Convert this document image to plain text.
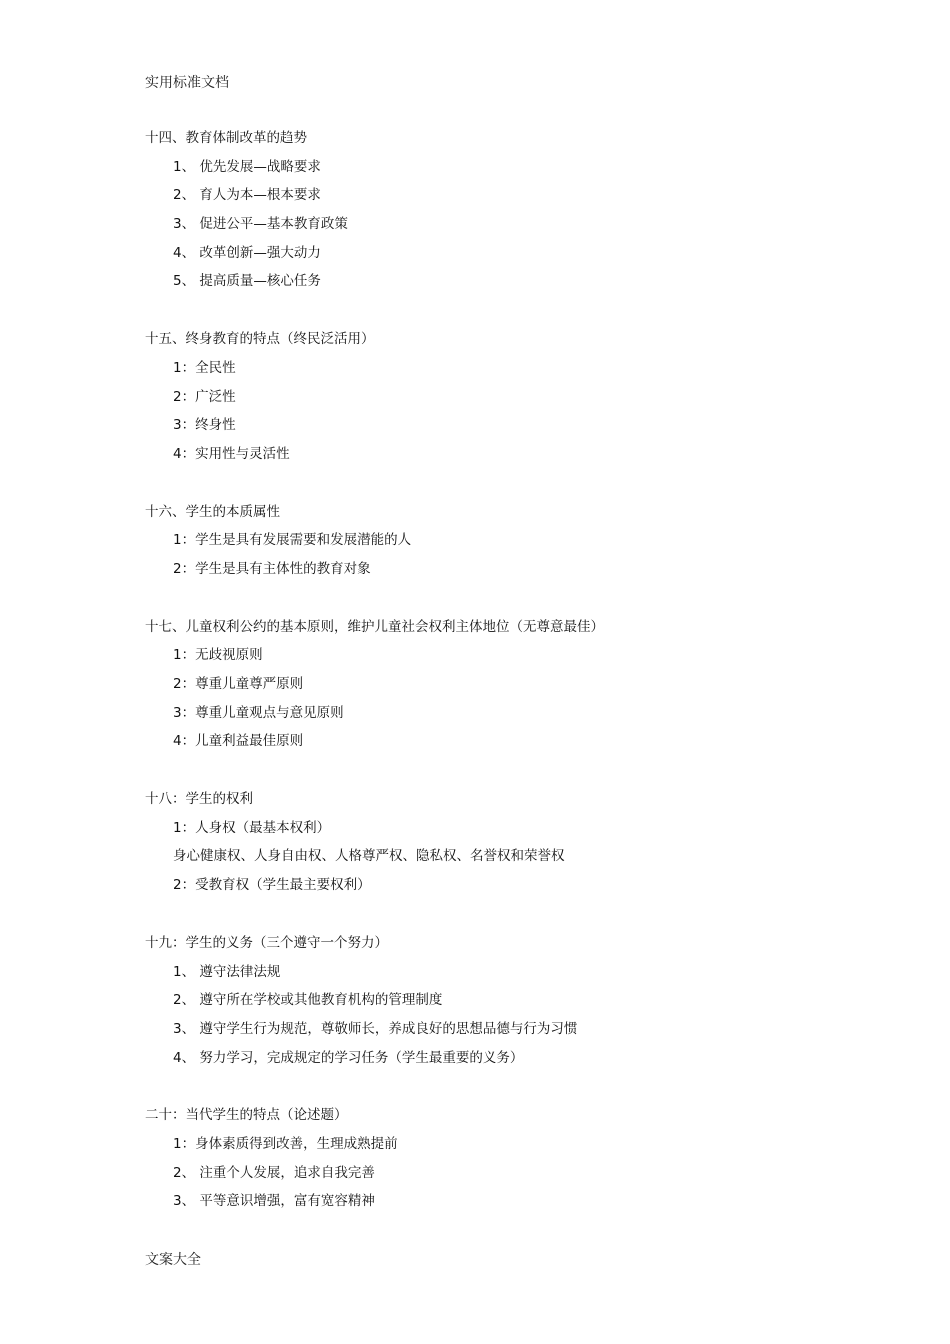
实用标准文档
十四、教育体制改革的趋势
1、 优先发展—战略要求
2、 育人为本—根本要求
3、 促进公平—基本教育政策
4、 改革创新—强大动力
5、 提高质量—核心任务
十五、终身教育的特点（终民泛活用）
1：全民性
2：广泛性
3：终身性
4：实用性与灵活性
十六、学生的本质属性
1：学生是具有发展需要和发展潜能的人
2：学生是具有主体性的教育对象
十七、儿童权利公约的基本原则，维护儿童社会权利主体地位（无尊意最佳）
1：无歧视原则
2：尊重儿童尊严原则
3：尊重儿童观点与意见原则
4：儿童利益最佳原则
十八：学生的权利
1：人身权（最基本权利）
身心健康权、人身自由权、人格尊严权、隐私权、名誉权和荣誉权
2：受教育权（学生最主要权利）
十九：学生的义务（三个遵守一个努力）
1、 遵守法律法规
2、 遵守所在学校或其他教育机构的管理制度
3、 遵守学生行为规范，尊敬师长，养成良好的思想品德与行为习惯
4、 努力学习，完成规定的学习任务（学生最重要的义务）
二十：当代学生的特点（论述题）
1：身体素质得到改善，生理成熟提前
2、 注重个人发展，追求自我完善
3、 平等意识增强，富有宽容精神
文案大全
